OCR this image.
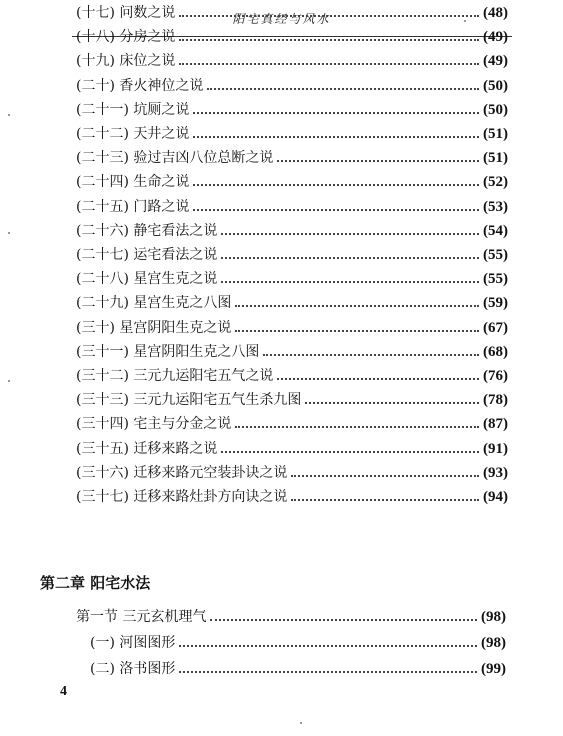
阳宅真经与风水
(十七) 问数之说	(48)
(十八) 分房之说	(49)
(十九) 床位之说	(49)
(二十) 香火神位之说	(50)
(二十一) 坑厕之说	(50)
(二十二) 天井之说	(51)
(二十三) 验过吉凶八位总断之说	(51)
(二十四) 生命之说	(52)
(二十五) 门路之说	(53)
(二十六) 静宅看法之说	(54)
(二十七) 运宅看法之说	(55)
(二十八) 星宫生克之说	(55)
(二十九) 星宫生克之八图	(59)
(三十) 星宫阴阳生克之说	(67)
(三十一) 星宫阴阳生克之八图	(68)
(三十二) 三元九运阳宅五气之说	(76)
(三十三) 三元九运阳宅五气生杀九图	(78)
(三十四) 宅主与分金之说	(87)
(三十五) 迁移来路之说	(91)
(三十六) 迁移来路元空装卦诀之说	(93)
(三十七) 迁移来路灶卦方向诀之说	(94)
第二章 阳宅水法
第一节 三元玄机理气	(98)
(一) 河图图形	(98)
(二) 洛书图形	(99)
4
